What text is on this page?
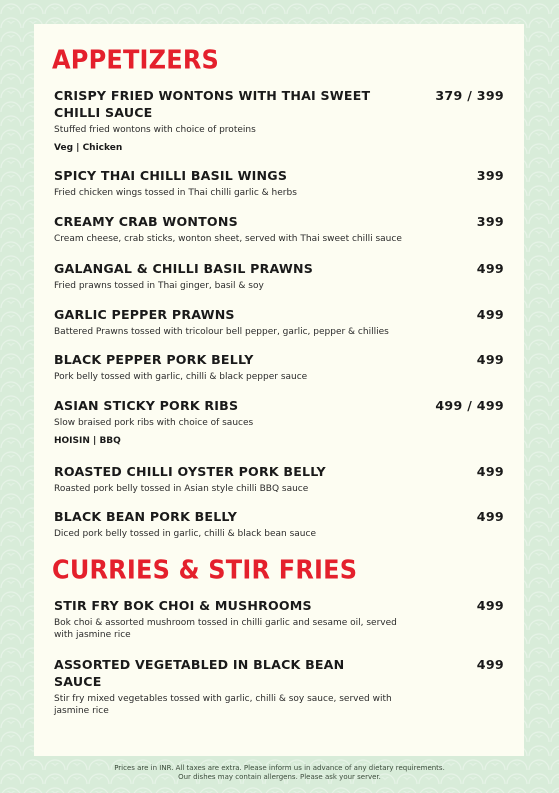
APPETIZERS
CRISPY FRIED WONTONS WITH THAI SWEET CHILLI SAUCE
379 / 399
Stuffed fried wontons with choice of proteins
Veg | Chicken
SPICY THAI CHILLI BASIL WINGS	399
Fried chicken wings tossed in Thai chilli garlic & herbs
CREAMY CRAB WONTONS	399
Cream cheese, crab sticks, wonton sheet, served with Thai sweet chilli sauce
GALANGAL & CHILLI BASIL PRAWNS	499
Fried prawns tossed in Thai ginger, basil & soy
GARLIC PEPPER PRAWNS	499
Battered Prawns tossed with tricolour bell pepper, garlic, pepper & chillies
BLACK PEPPER PORK BELLY	499
Pork belly tossed with garlic, chilli & black pepper sauce
ASIAN STICKY PORK RIBS	499 / 499
Slow braised pork ribs with choice of sauces
HOISIN | BBQ
ROASTED CHILLI OYSTER PORK BELLY	499
Roasted pork belly tossed in Asian style chilli BBQ sauce
BLACK BEAN PORK BELLY	499
Diced pork belly tossed in garlic, chilli & black bean sauce
CURRIES & STIR FRIES
STIR FRY BOK CHOI & MUSHROOMS	499
Bok choi & assorted mushroom tossed in chilli garlic and sesame oil, served with jasmine rice
ASSORTED VEGETABLED IN BLACK BEAN SAUCE
499
Stir fry mixed vegetables tossed with garlic, chilli & soy sauce, served with jasmine rice
Prices are in INR. All taxes are extra. Please inform us in advance of any dietary requirements.
Our dishes may contain allergens. Please ask your server.
